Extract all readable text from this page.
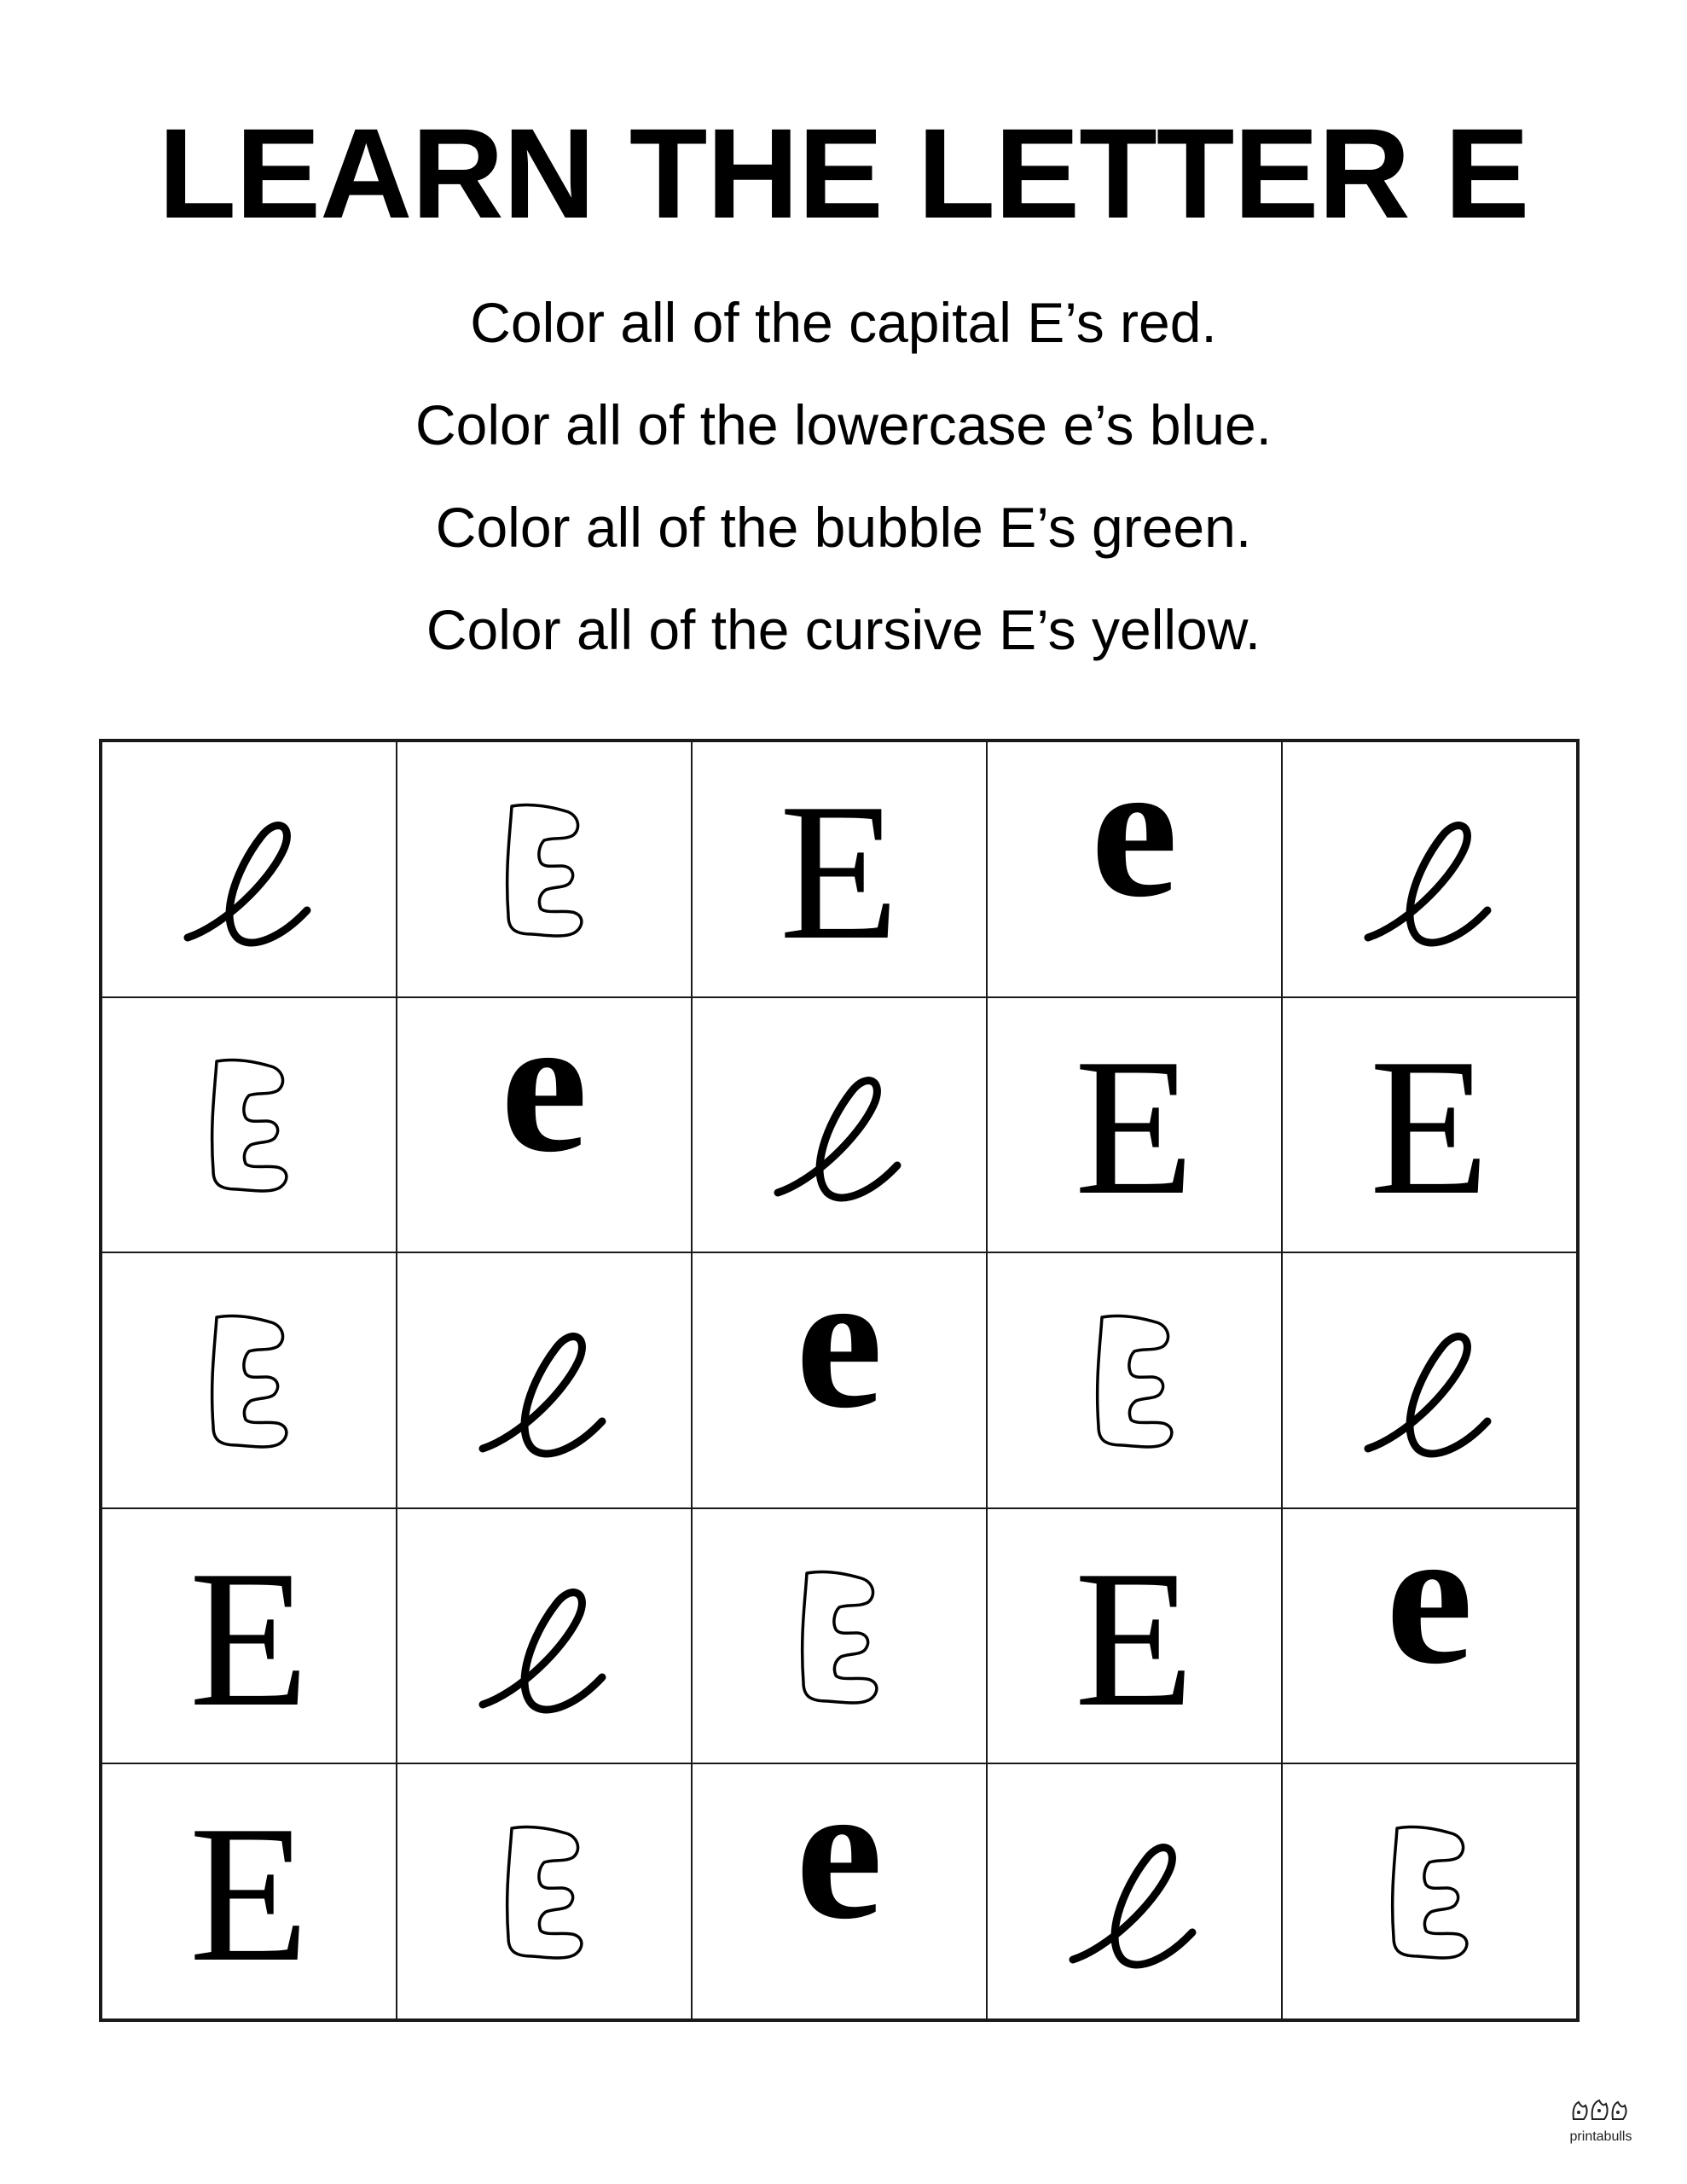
LEARN THE LETTER E
Color all of the capital E’s red.
Color all of the lowercase e’s blue.
Color all of the bubble E’s green.
Color all of the cursive E’s yellow.
E e
e E E
e
E	E e
E e
printabulls
